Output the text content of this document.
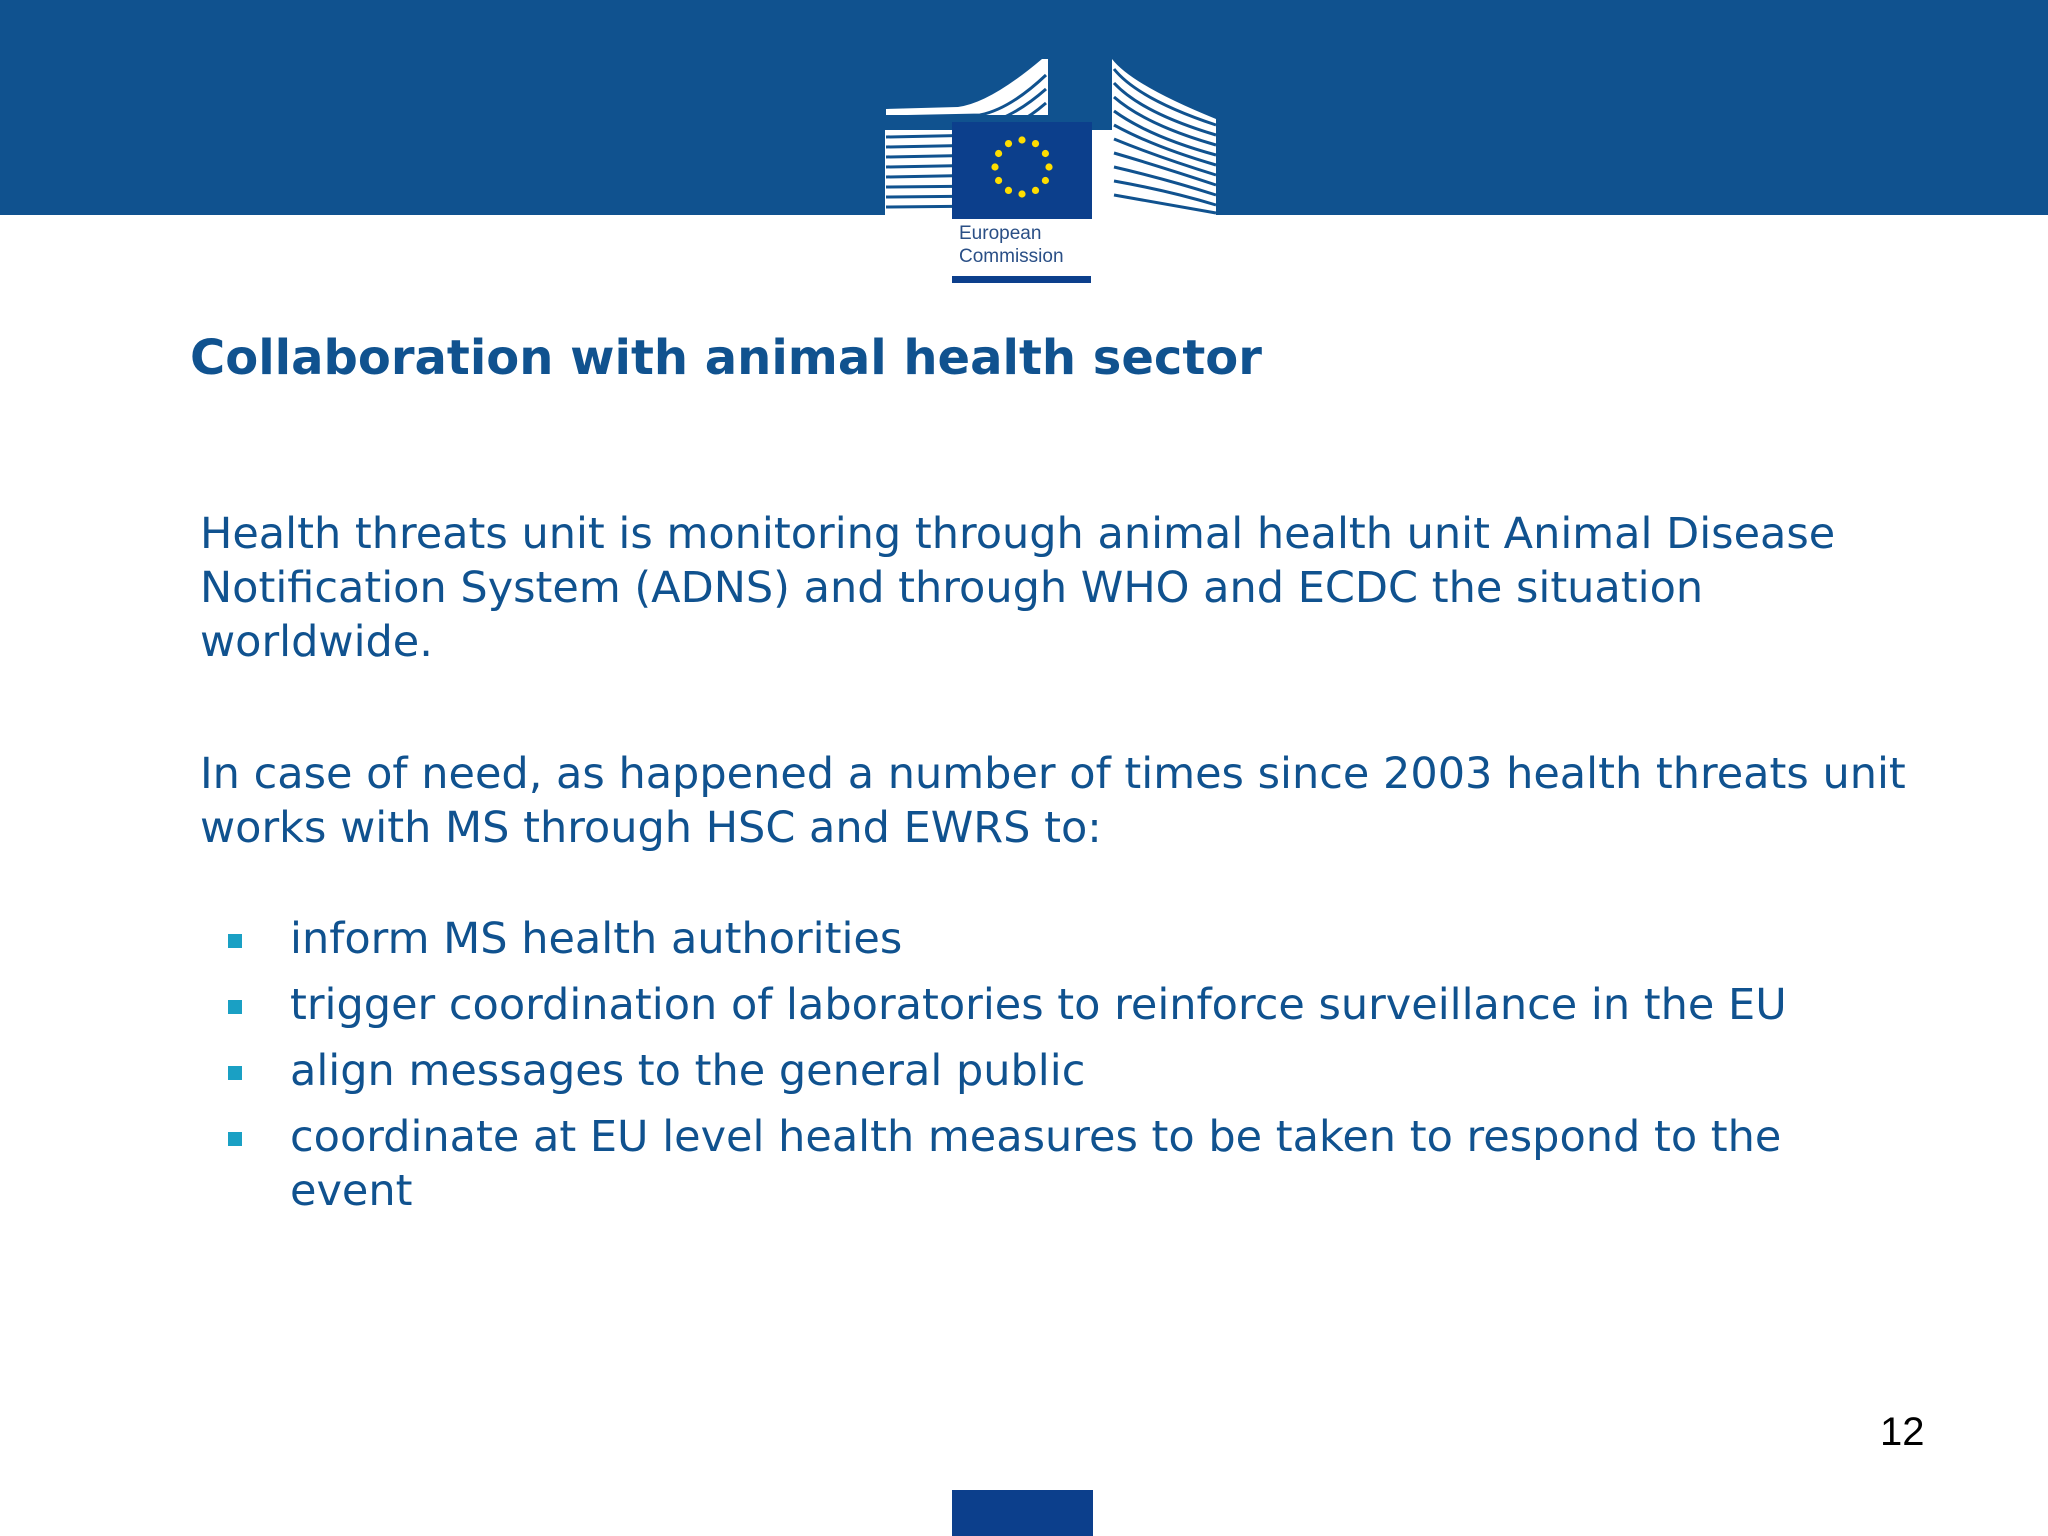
European
Commission
Collaboration with animal health sector

Health threats unit is monitoring through animal health unit Animal Disease Notification System (ADNS) and through WHO and ECDC the situation worldwide.

In case of need, as happened a number of times since 2003 health threats unit works with MS through HSC and EWRS to:

inform MS health authorities
trigger coordination of laboratories to reinforce surveillance in the EU
align messages to the general public
coordinate at EU level health measures to be taken to respond to the event
12
